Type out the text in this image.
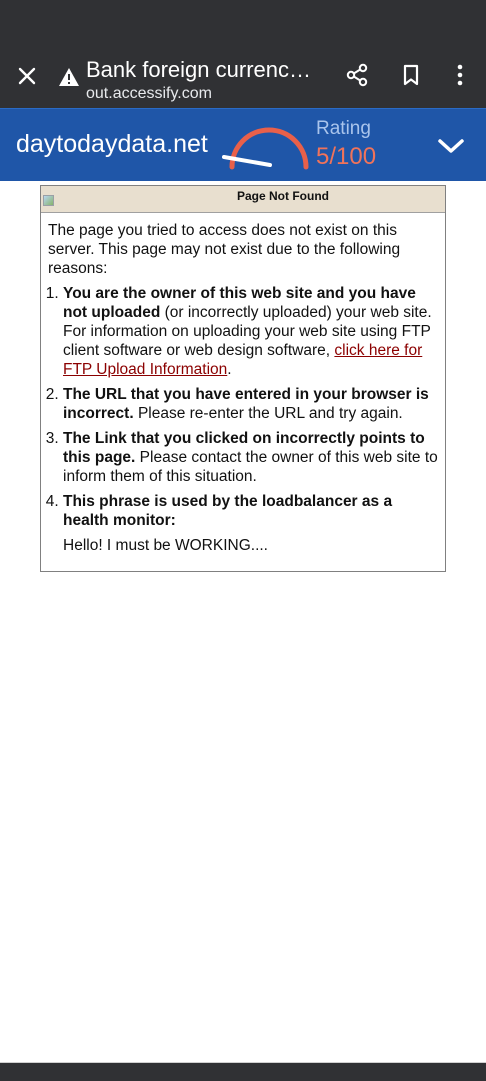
Bank foreign currenc…
out.accessify.com
daytodaydata.net
Rating
5/100
Page Not Found

The page you tried to access does not exist on this server. This page may not exist due to the following reasons:

1. You are the owner of this web site and you have not uploaded (or incorrectly uploaded) your web site. For information on uploading your web site using FTP client software or web design software, click here for FTP Upload Information.
2. The URL that you have entered in your browser is incorrect. Please re-enter the URL and try again.
3. The Link that you clicked on incorrectly points to this page. Please contact the owner of this web site to inform them of this situation.
4. This phrase is used by the loadbalancer as a health monitor:
Hello! I must be WORKING....
